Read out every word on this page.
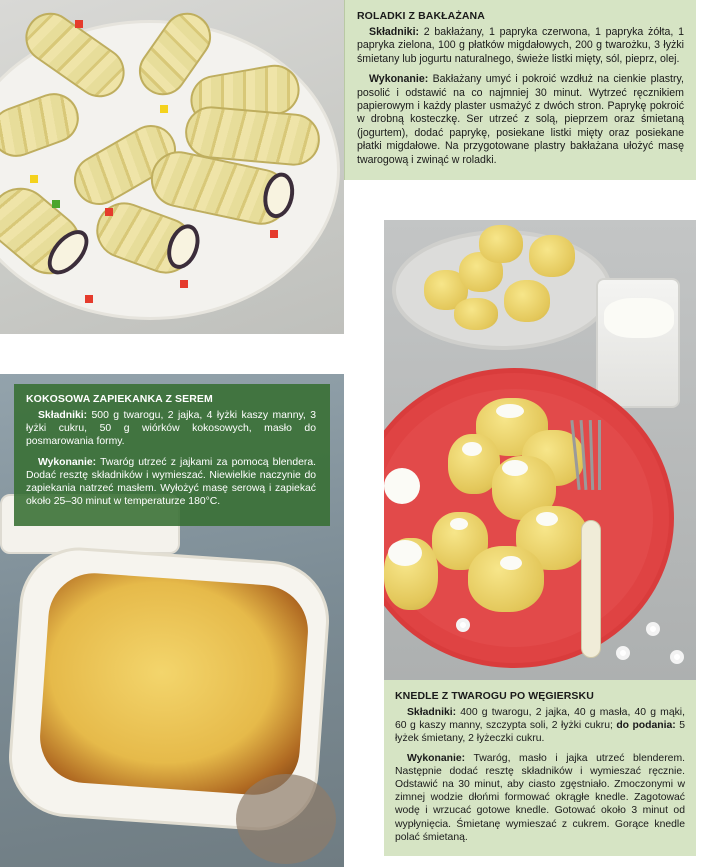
ROLADKI Z BAKŁAŻANA

Składniki: 2 bakłażany, 1 papryka czerwona, 1 papryka żółta, 1 papryka zielona, 100 g płatków migdałowych, 200 g twarożku, 3 łyżki śmietany lub jogurtu naturalnego, świeże listki mięty, sól, pieprz, olej.

Wykonanie: Bakłażany umyć i pokroić wzdłuż na cienkie plastry, posolić i odstawić na co najmniej 30 minut. Wytrzeć ręcznikiem papierowym i każdy plaster usmażyć z dwóch stron. Paprykę pokroić w drobną kosteczkę. Ser utrzeć z solą, pieprzem oraz śmietaną (jogurtem), dodać paprykę, posiekane listki mięty oraz posiekane płatki migdałowe. Na przygotowane plastry bakłażana ułożyć masę twarogową i zwinąć w roladki.

KNEDLE Z TWAROGU PO WĘGIERSKU

Składniki: 400 g twarogu, 2 jajka, 40 g masła, 40 g mąki, 60 g kaszy manny, szczypta soli, 2 łyżki cukru; do podania: 5 łyżek śmietany, 2 łyżeczki cukru.

Wykonanie: Twaróg, masło i jajka utrzeć blenderem. Następnie dodać resztę składników i wymieszać ręcznie. Odstawić na 30 minut, aby ciasto zgęstniało. Zmoczonymi w zimnej wodzie dłońmi formować okrągłe knedle. Zagotować wodę i wrzucać gotowe knedle. Gotować około 3 minut od wypłynięcia. Śmietanę wymieszać z cukrem. Gorące knedle polać śmietaną.

KOKOSOWA ZAPIEKANKA Z SEREM

Składniki: 500 g twarogu, 2 jajka, 4 łyżki kaszy manny, 3 łyżki cukru, 50 g wiórków kokosowych, masło do posmarowania formy.

Wykonanie: Twaróg utrzeć z jajkami za pomocą blendera. Dodać resztę składników i wymieszać. Niewielkie naczynie do zapiekania natrzeć masłem. Wyłożyć masę serową i zapiekać około 25–30 minut w temperaturze 180°C.
